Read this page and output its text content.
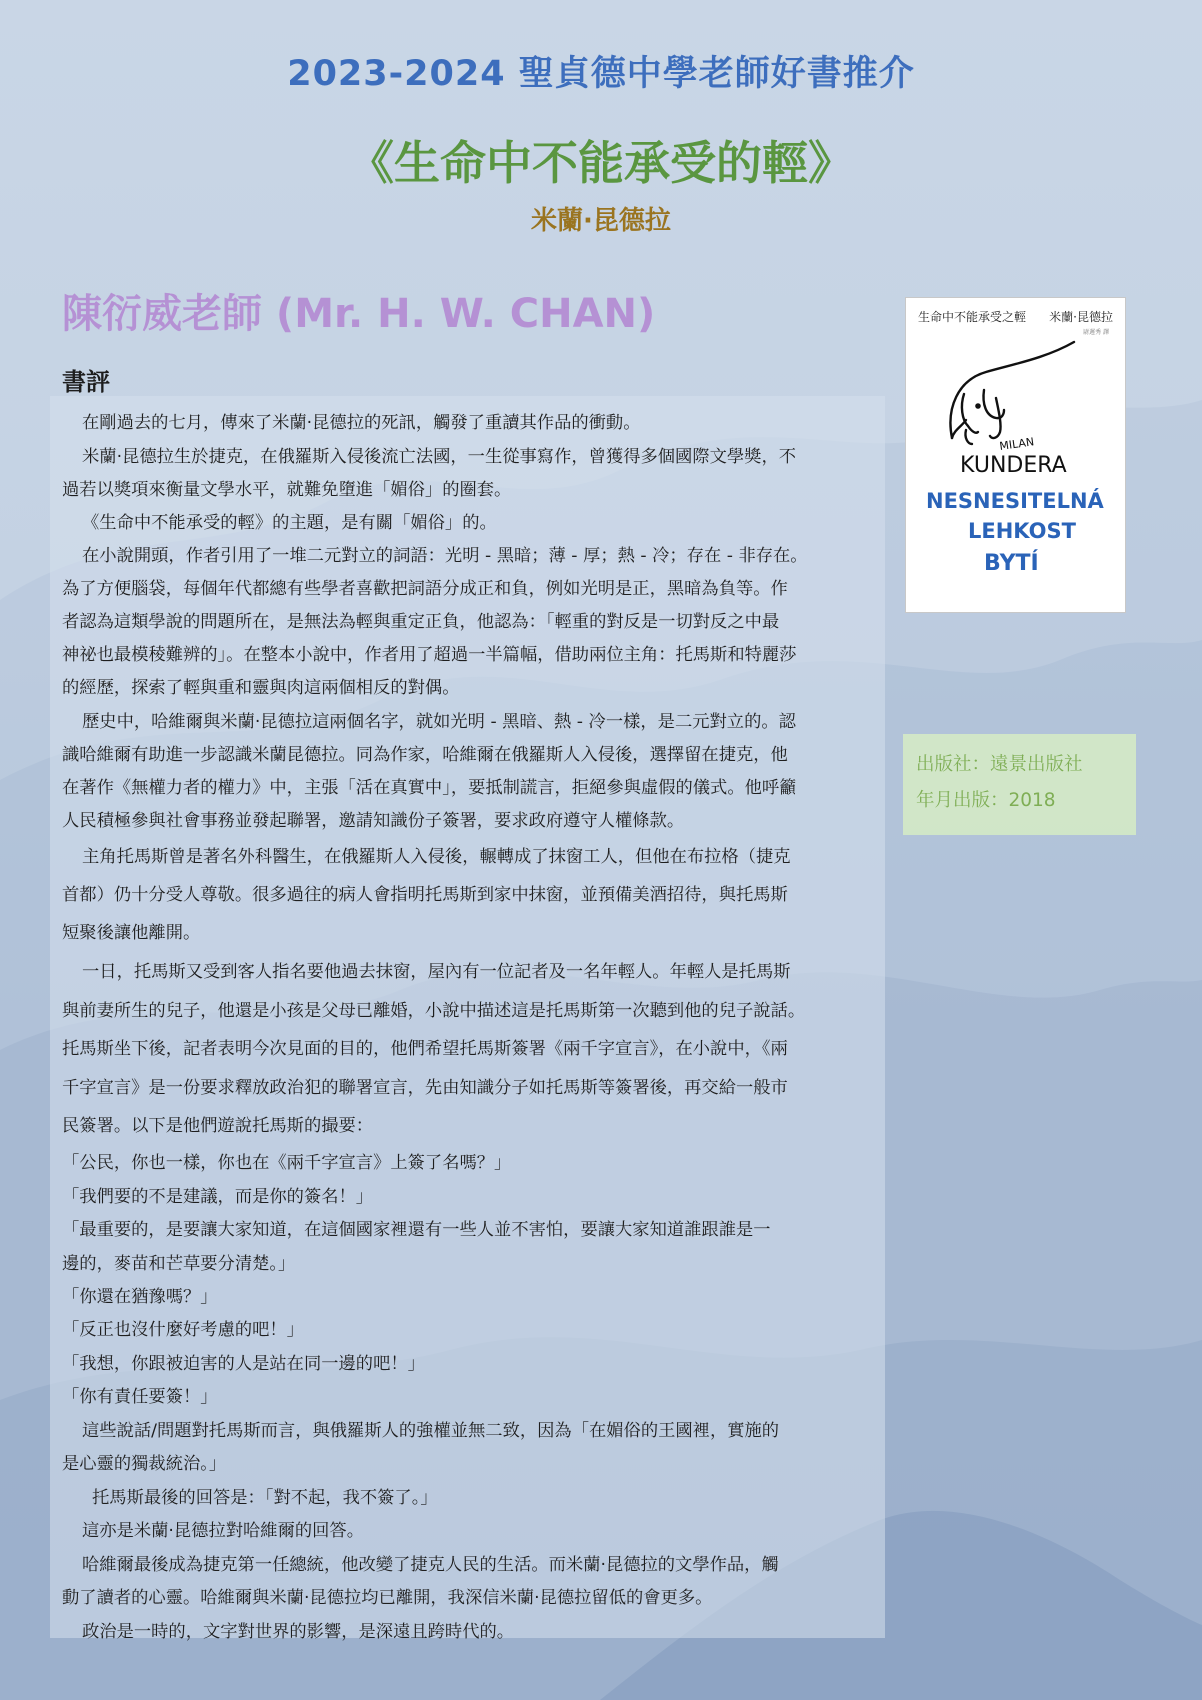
2023-2024 聖貞德中學老師好書推介
《生命中不能承受的輕》
米蘭·昆德拉
陳衍威老師 (Mr. H. W. CHAN)
書評
在剛過去的七月，傳來了米蘭·昆德拉的死訊，觸發了重讀其作品的衝動。
米蘭·昆德拉生於捷克，在俄羅斯入侵後流亡法國，一生從事寫作，曾獲得多個國際文學獎，不
過若以獎項來衡量文學水平，就難免墮進「媚俗」的圈套。
《生命中不能承受的輕》的主題，是有關「媚俗」的。
在小說開頭，作者引用了一堆二元對立的詞語：光明 - 黑暗；薄 - 厚；熱 - 冷；存在 - 非存在。
為了方便腦袋，每個年代都總有些學者喜歡把詞語分成正和負，例如光明是正，黑暗為負等。作
者認為這類學說的問題所在，是無法為輕與重定正負，他認為：「輕重的對反是一切對反之中最
神祕也最模稜難辨的」。在整本小說中，作者用了超過一半篇幅，借助兩位主角：托馬斯和特麗莎
的經歷，探索了輕與重和靈與肉這兩個相反的對偶。
歷史中，哈維爾與米蘭·昆德拉這兩個名字，就如光明 - 黑暗、熱 - 冷一樣，是二元對立的。認
識哈維爾有助進一步認識米蘭昆德拉。同為作家，哈維爾在俄羅斯人入侵後，選擇留在捷克，他
在著作《無權力者的權力》中，主張「活在真實中」，要抵制謊言，拒絕參與虛假的儀式。他呼籲
人民積極參與社會事務並發起聯署，邀請知識份子簽署，要求政府遵守人權條款。
主角托馬斯曾是著名外科醫生，在俄羅斯人入侵後，輾轉成了抹窗工人，但他在布拉格（捷克
首都）仍十分受人尊敬。很多過往的病人會指明托馬斯到家中抹窗，並預備美酒招待，與托馬斯
短聚後讓他離開。
一日，托馬斯又受到客人指名要他過去抹窗，屋內有一位記者及一名年輕人。年輕人是托馬斯
與前妻所生的兒子，他還是小孩是父母已離婚，小說中描述這是托馬斯第一次聽到他的兒子說話。
托馬斯坐下後，記者表明今次見面的目的，他們希望托馬斯簽署《兩千字宣言》，在小說中，《兩
千字宣言》是一份要求釋放政治犯的聯署宣言，先由知識分子如托馬斯等簽署後，再交給一般市
民簽署。以下是他們遊說托馬斯的撮要：
「公民，你也一樣，你也在《兩千字宣言》上簽了名嗎？」
「我們要的不是建議，而是你的簽名！」
「最重要的，是要讓大家知道，在這個國家裡還有一些人並不害怕，要讓大家知道誰跟誰是一
邊的，麥苗和芒草要分清楚。」
「你還在猶豫嗎？」
「反正也沒什麼好考慮的吧！」
「我想，你跟被迫害的人是站在同一邊的吧！」
「你有責任要簽！」
這些說話/問題對托馬斯而言，與俄羅斯人的強權並無二致，因為「在媚俗的王國裡，實施的
是心靈的獨裁統治。」
托馬斯最後的回答是：「對不起，我不簽了。」
這亦是米蘭·昆德拉對哈維爾的回答。
哈維爾最後成為捷克第一任總統，他改變了捷克人民的生活。而米蘭·昆德拉的文學作品，觸
動了讀者的心靈。哈維爾與米蘭·昆德拉均已離開，我深信米蘭·昆德拉留低的會更多。
政治是一時的，文字對世界的影響，是深遠且跨時代的。
生命中不能承受之輕 米蘭·昆德拉
尉遲秀 譯
MILAN
KUNDERA
NESNESITELNÁ
LEHKOST
BYTÍ
出版社：遠景出版社
年月出版：2018
